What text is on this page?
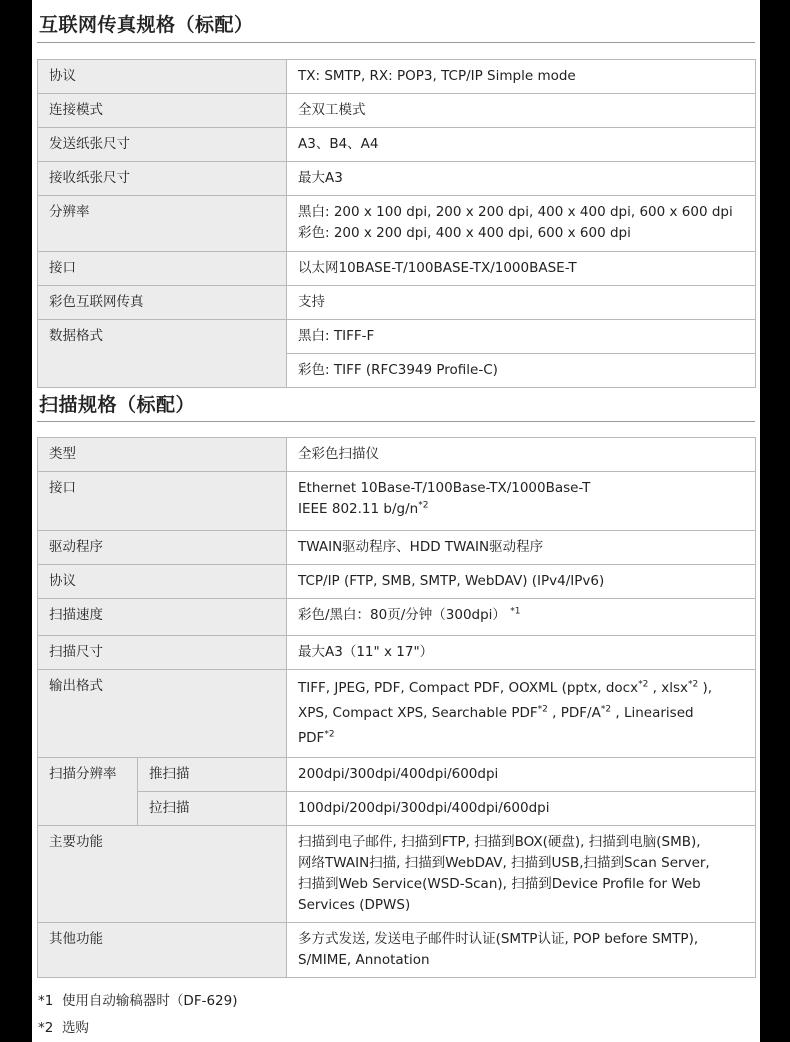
互联网传真规格（标配）
协议	TX: SMTP, RX: POP3, TCP/IP Simple mode
连接模式	全双工模式
发送纸张尺寸	A3、B4、A4
接收纸张尺寸	最大A3
分辨率	黑白: 200 x 100 dpi, 200 x 200 dpi, 400 x 400 dpi, 600 x 600 dpi
彩色: 200 x 200 dpi, 400 x 400 dpi, 600 x 600 dpi

接口	以太网10BASE-T/100BASE-TX/1000BASE-T
彩色互联网传真	支持
数据格式	黑白: TIFF-F
	彩色: TIFF (RFC3949 Profile-C)
扫描规格（标配）
类型		全彩色扫描仪
接口		Ethernet 10Base-T/100Base-TX/1000Base-T
IEEE 802.11 $b/g/n^{*2}$

驱动程序		TWAIN驱动程序、HDD TWAIN驱动程序
协议		TCP/IP (FTP, SMB, SMTP, WebDAV) (IPv4/IPv6)
扫描速度		彩色/黑白：80页/分钟（300dpi） $^{*1}$
扫描尺寸		最大A3（11" x 17"）
输出格式		TIFF, JPEG, PDF, Compact PDF, OOXML (pptx, docx$^{*2}$ , xlsx$^{*2}$ ),
XPS, Compact XPS, Searchable PDF$^{*2}$ , PDF/$A^{*2}$ , Linearised
PDF$^{*2}$

扫描分辨率	推扫描	200dpi/300dpi/400dpi/600dpi
	拉扫描	100dpi/200dpi/300dpi/400dpi/600dpi
主要功能		扫描到电子邮件, 扫描到FTP, 扫描到BOX(硬盘), 扫描到电脑(SMB),
网络TWAIN扫描, 扫描到WebDAV, 扫描到USB,扫描到Scan Server,
扫描到Web Service(WSD-Scan), 扫描到Device Profile for Web
Services (DPWS)

其他功能		多方式发送, 发送电子邮件时认证(SMTP认证, POP before SMTP),
S/MIME, Annotation
*1 使用自动输稿器时（DF-629)
*2 选购
